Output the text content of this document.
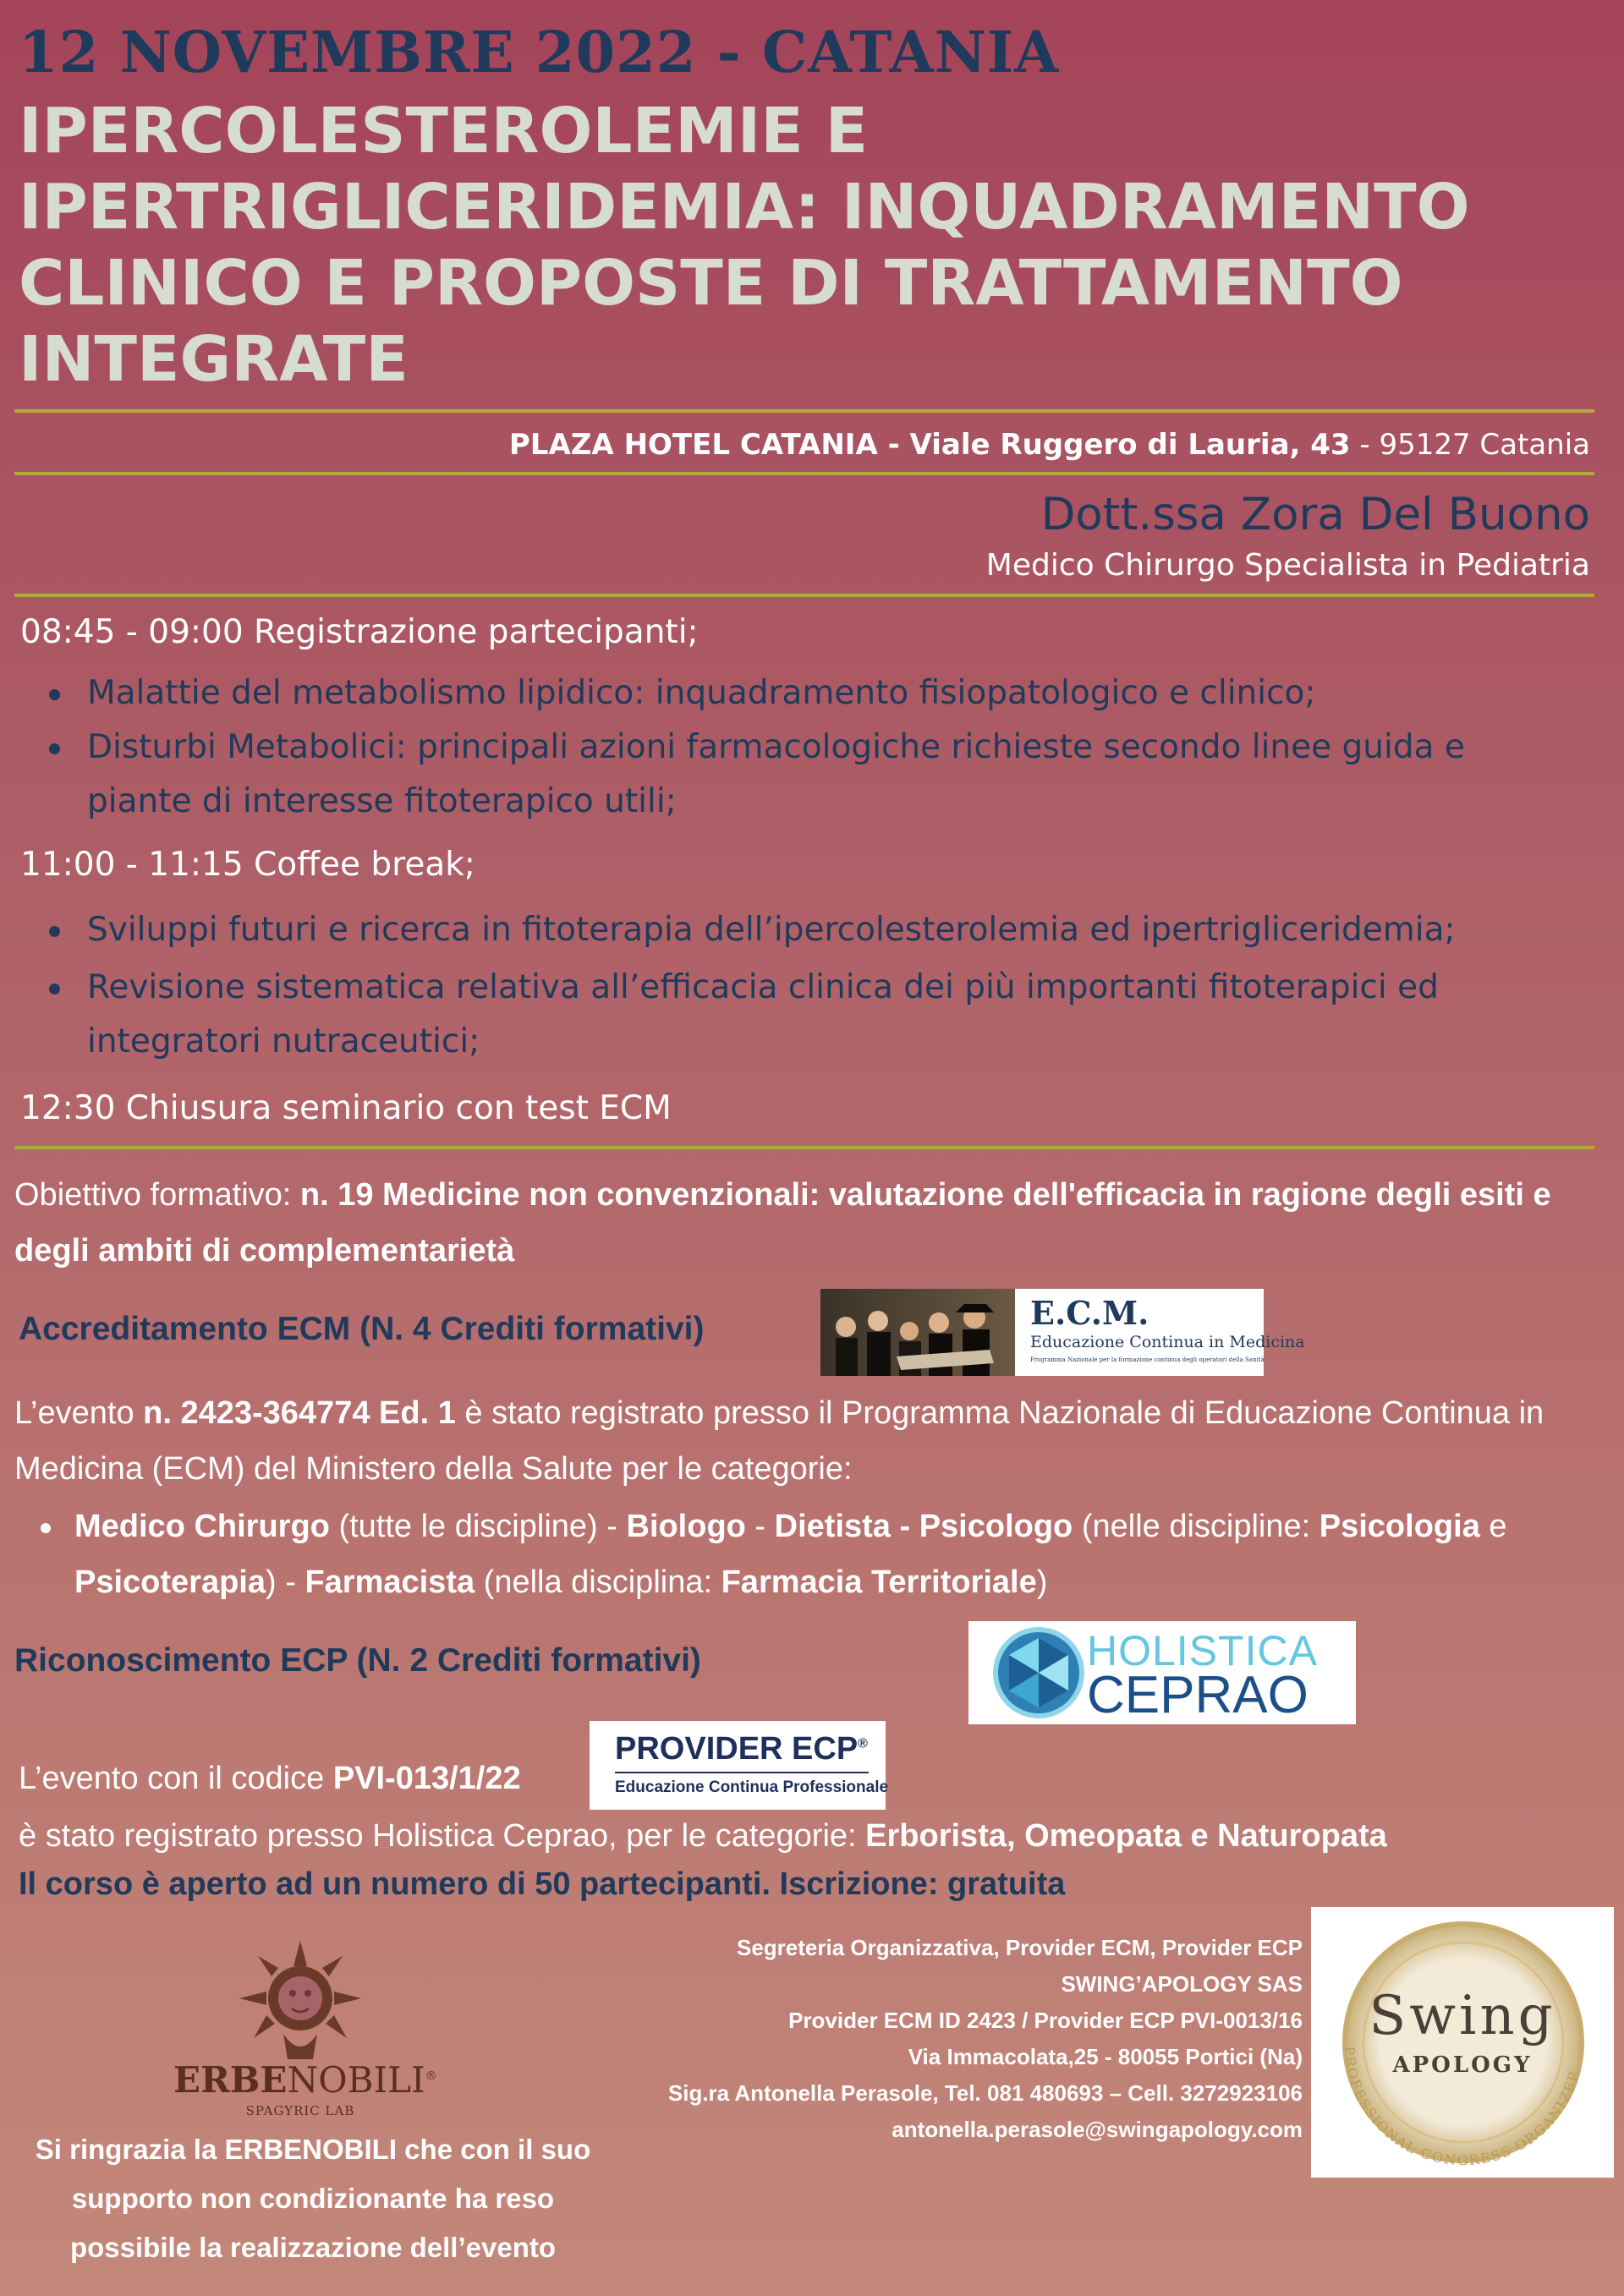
12 NOVEMBRE 2022 - CATANIA
IPERCOLESTEROLEMIE E
IPERTRIGLICERIDEMIA: INQUADRAMENTO
CLINICO E PROPOSTE DI TRATTAMENTO
INTEGRATE
PLAZA HOTEL CATANIA - Viale Ruggero di Lauria, 43 - 95127 Catania
Dott.ssa Zora Del Buono
Medico Chirurgo Specialista in Pediatria
08:45 - 09:00 Registrazione partecipanti;
Malattie del metabolismo lipidico: inquadramento fisiopatologico e clinico;
Disturbi Metabolici: principali azioni farmacologiche richieste secondo linee guida e piante di interesse fitoterapico utili;
11:00 - 11:15 Coffee break;
Sviluppi futuri e ricerca in fitoterapia dell’ipercolesterolemia ed ipertrigliceridemia;
Revisione sistematica relativa all’efficacia clinica dei più importanti fitoterapici ed integratori nutraceutici;
12:30 Chiusura seminario con test ECM
Obiettivo formativo: n. 19 Medicine non convenzionali: valutazione dell'efficacia in ragione degli esiti e degli ambiti di complementarietà
Accreditamento ECM (N. 4 Crediti formativi)	E.C.M.
Educazione Continua in Medicina
Programma Nazionale per la formazione continua degli operatori della Sanità
L’evento n. 2423-364774 Ed. 1 è stato registrato presso il Programma Nazionale di Educazione Continua in Medicina (ECM) del Ministero della Salute per le categorie:
Medico Chirurgo (tutte le discipline) - Biologo - Dietista - Psicologo (nelle discipline: Psicologia e Psicoterapia) - Farmacista (nella disciplina: Farmacia Territoriale)
Riconoscimento ECP (N. 2 Crediti formativi)	HOLISTICA
CEPRAO
PROVIDER ECP®
Educazione Continua Professionale
L’evento con il codice PVI-013/1/22
è stato registrato presso Holistica Ceprao, per le categorie: Erborista, Omeopata e Naturopata
Il corso è aperto ad un numero di 50 partecipanti. Iscrizione: gratuita
ERBENOBILI®
SPAGYRIC LAB
Segreteria Organizzativa, Provider ECM, Provider ECP
SWING’APOLOGY SAS
Provider ECM ID 2423 / Provider ECP PVI-0013/16
Via Immacolata,25 - 80055 Portici (Na)
Sig.ra Antonella Perasole, Tel. 081 480693 – Cell. 3272923106
antonella.perasole@swingapology.com
PROFESSIONAL CONGRESS ORGANIZER
Swing
APOLOGY
Si ringrazia la ERBENOBILI che con il suo supporto non condizionante ha reso possibile la realizzazione dell’evento
